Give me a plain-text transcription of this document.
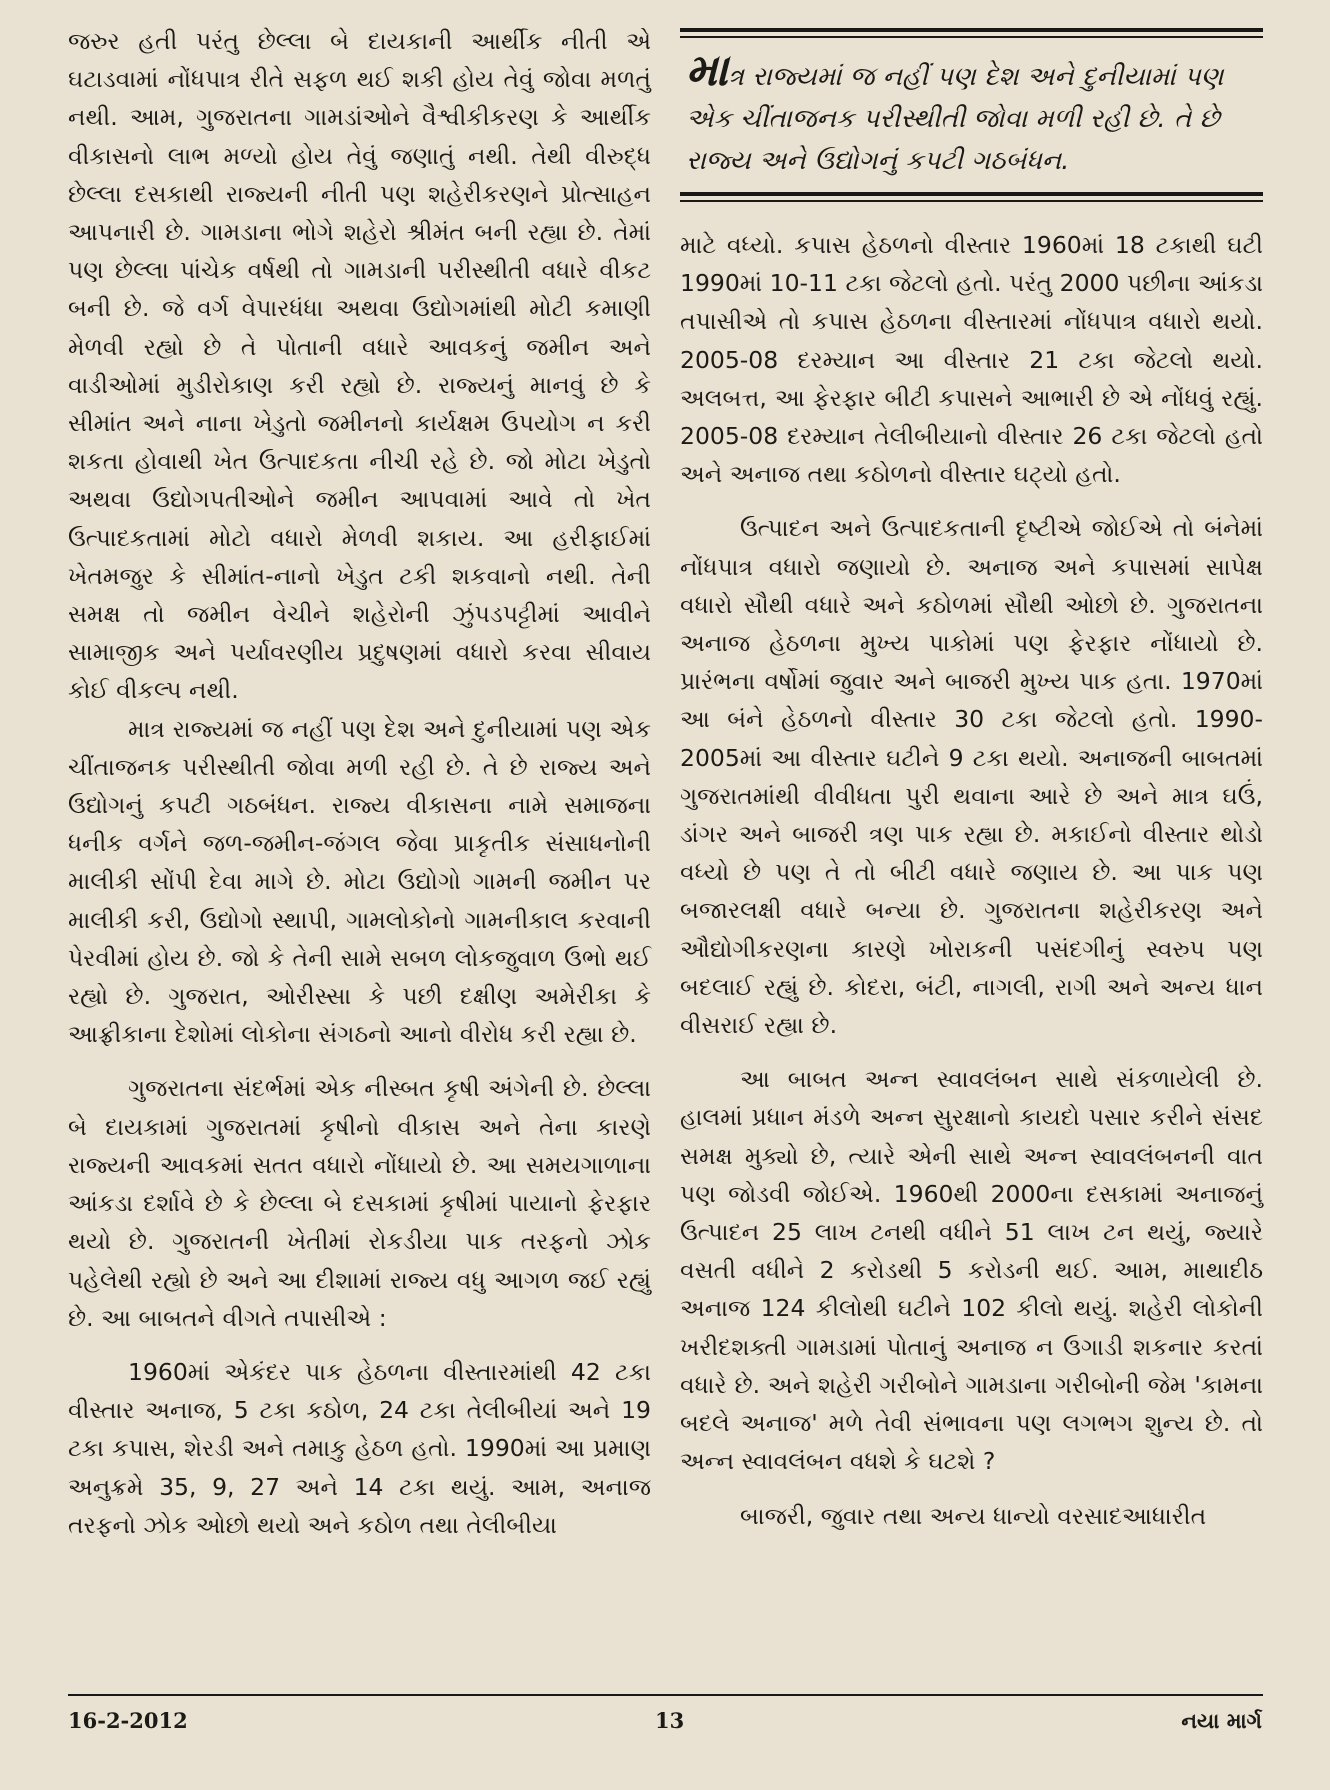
જરુર હતી પરંતુ છેલ્લા બે દાયકાની આર્થીક નીતી એ ઘટાડવામાં નોંધપાત્ર રીતે સફળ થઈ શકી હોય તેવું જોવા મળતું નથી. આમ, ગુજરાતના ગામડાંઓને વૈશ્વીકીકરણ કે આર્થીક વીકાસનો લાભ મળ્યો હોય તેવું જણાતું નથી. તેથી વીરુદ્ધ છેલ્લા દસકાથી રાજ્યની નીતી પણ શહેરીકરણને પ્રોત્સાહન આપનારી છે. ગામડાના ભોગે શહેરો શ્રીમંત બની રહ્યા છે. તેમાં પણ છેલ્લા પાંચેક વર્ષથી તો ગામડાની પરીસ્થીતી વધારે વીકટ બની છે. જે વર્ગ વેપારધંધા અથવા ઉદ્યોગમાંથી મોટી કમાણી મેળવી રહ્યો છે તે પોતાની વધારે આવકનું જમીન અને વાડીઓમાં મુડીરોકાણ કરી રહ્યો છે. રાજ્યનું માનવું છે કે સીમાંત અને નાના ખેડુતો જમીનનો કાર્યક્ષમ ઉપયોગ ન કરી શકતા હોવાથી ખેત ઉત્પાદકતા નીચી રહે છે. જો મોટા ખેડુતો અથવા ઉદ્યોગપતીઓને જમીન આપવામાં આવે તો ખેત ઉત્પાદકતામાં મોટો વધારો મેળવી શકાય. આ હરીફાઈમાં ખેતમજુર કે સીમાંત-નાનો ખેડુત ટકી શકવાનો નથી. તેની સમક્ષ તો જમીન વેચીને શહેરોની ઝુંપડપટ્ટીમાં આવીને સામાજીક અને પર્યાવરણીય પ્રદુષણમાં વધારો કરવા સીવાય કોઈ વીકલ્પ નથી.

માત્ર રાજ્યમાં જ નહીં પણ દેશ અને દુનીયામાં પણ એક ચીંતાજનક પરીસ્થીતી જોવા મળી રહી છે. તે છે રાજ્ય અને ઉદ્યોગનું કપટી ગઠબંધન. રાજ્ય વીકાસના નામે સમાજના ધનીક વર્ગને જળ-જમીન-જંગલ જેવા પ્રાકૃતીક સંસાધનોની માલીકી સોંપી દેવા માગે છે. મોટા ઉદ્યોગો ગામની જમીન પર માલીકી કરી, ઉદ્યોગો સ્થાપી, ગામલોકોનો ગામનીકાલ કરવાની પેરવીમાં હોય છે. જો કે તેની સામે સબળ લોકજુવાળ ઉભો થઈ રહ્યો છે. ગુજરાત, ઓરીસ્સા કે પછી દક્ષીણ અમેરીકા કે આફ્રીકાના દેશોમાં લોકોના સંગઠનો આનો વીરોધ કરી રહ્યા છે.

ગુજરાતના સંદર્ભમાં એક નીસ્બત કૃષી અંગેની છે. છેલ્લા બે દાયકામાં ગુજરાતમાં કૃષીનો વીકાસ અને તેના કારણે રાજ્યની આવકમાં સતત વધારો નોંધાયો છે. આ સમયગાળાના આંકડા દર્શાવે છે કે છેલ્લા બે દસકામાં કૃષીમાં પાયાનો ફેરફાર થયો છે. ગુજરાતની ખેતીમાં રોકડીયા પાક તરફનો ઝોક પહેલેથી રહ્યો છે અને આ દીશામાં રાજ્ય વધુ આગળ જઈ રહ્યું છે. આ બાબતને વીગતે તપાસીએ :

1960માં એકંદર પાક હેઠળના વીસ્તારમાંથી 42 ટકા વીસ્તાર અનાજ, 5 ટકા કઠોળ, 24 ટકા તેલીબીયાં અને 19 ટકા કપાસ, શેરડી અને તમાકુ હેઠળ હતો. 1990માં આ પ્રમાણ અનુક્રમે 35, 9, 27 અને 14 ટકા થયું. આમ, અનાજ તરફનો ઝોક ઓછો થયો અને કઠોળ તથા તેલીબીયા

માત્ર રાજ્યમાં જ નહીં પણ દેશ અને દુનીયામાં પણ એક ચીંતાજનક પરીસ્થીતી જોવા મળી રહી છે. તે છે રાજ્ય અને ઉદ્યોગનું કપટી ગઠબંધન.

માટે વધ્યો. કપાસ હેઠળનો વીસ્તાર 1960માં 18 ટકાથી ઘટી 1990માં 10-11 ટકા જેટલો હતો. પરંતુ 2000 પછીના આંકડા તપાસીએ તો કપાસ હેઠળના વીસ્તારમાં નોંધપાત્ર વધારો થયો. 2005-08 દરમ્યાન આ વીસ્તાર 21 ટકા જેટલો થયો. અલબત્ત, આ ફેરફાર બીટી કપાસને આભારી છે એ નોંધવું રહ્યું. 2005-08 દરમ્યાન તેલીબીયાનો વીસ્તાર 26 ટકા જેટલો હતો અને અનાજ તથા કઠોળનો વીસ્તાર ઘટ્યો હતો.

ઉત્પાદન અને ઉત્પાદકતાની દૃષ્ટીએ જોઈએ તો બંનેમાં નોંધપાત્ર વધારો જણાયો છે. અનાજ અને કપાસમાં સાપેક્ષ વધારો સૌથી વધારે અને કઠોળમાં સૌથી ઓછો છે. ગુજરાતના અનાજ હેઠળના મુખ્ય પાકોમાં પણ ફેરફાર નોંધાયો છે. પ્રારંભના વર્ષોમાં જુવાર અને બાજરી મુખ્ય પાક હતા. 1970માં આ બંને હેઠળનો વીસ્તાર 30 ટકા જેટલો હતો. 1990-2005માં આ વીસ્તાર ઘટીને 9 ટકા થયો. અનાજની બાબતમાં ગુજરાતમાંથી વીવીધતા પુરી થવાના આરે છે અને માત્ર ઘઉં, ડાંગર અને બાજરી ત્રણ પાક રહ્યા છે. મકાઈનો વીસ્તાર થોડો વધ્યો છે પણ તે તો બીટી વધારે જણાય છે. આ પાક પણ બજારલક્ષી વધારે બન્યા છે. ગુજરાતના શહેરીકરણ અને ઔદ્યોગીકરણના કારણે ખોરાકની પસંદગીનું સ્વરુપ પણ બદલાઈ રહ્યું છે. કોદરા, બંટી, નાગલી, રાગી અને અન્ય ધાન વીસરાઈ રહ્યા છે.

આ બાબત અન્ન સ્વાવલંબન સાથે સંકળાયેલી છે. હાલમાં પ્રધાન મંડળે અન્ન સુરક્ષાનો કાયદો પસાર કરીને સંસદ સમક્ષ મુક્યો છે, ત્યારે એની સાથે અન્ન સ્વાવલંબનની વાત પણ જોડવી જોઈએ. 1960થી 2000ના દસકામાં અનાજનું ઉત્પાદન 25 લાખ ટનથી વધીને 51 લાખ ટન થયું, જ્યારે વસતી વધીને 2 કરોડથી 5 કરોડની થઈ. આમ, માથાદીઠ અનાજ 124 કીલોથી ઘટીને 102 કીલો થયું. શહેરી લોકોની ખરીદશક્તી ગામડામાં પોતાનું અનાજ ન ઉગાડી શકનાર કરતાં વધારે છે. અને શહેરી ગરીબોને ગામડાના ગરીબોની જેમ 'કામના બદલે અનાજ' મળે તેવી સંભાવના પણ લગભગ શુન્ય છે. તો અન્ન સ્વાવલંબન વધશે કે ઘટશે ?

બાજરી, જુવાર તથા અન્ય ધાન્યો વરસાદઆધારીત

16-2-2012	13	નયા માર્ગ
